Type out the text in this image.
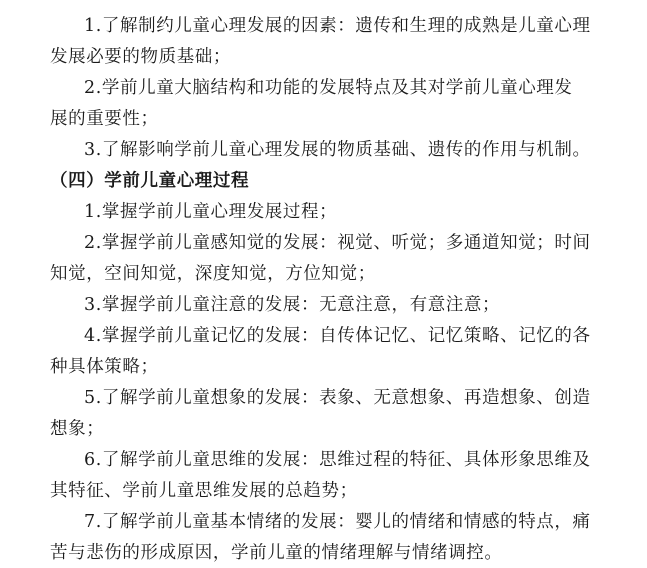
1.了解制约儿童心理发展的因素：遗传和生理的成熟是儿童心理
发展必要的物质基础；
2.学前儿童大脑结构和功能的发展特点及其对学前儿童心理发
展的重要性；
3.了解影响学前儿童心理发展的物质基础、遗传的作用与机制。
（四）学前儿童心理过程
1.掌握学前儿童心理发展过程；
2.掌握学前儿童感知觉的发展：视觉、听觉；多通道知觉；时间
知觉，空间知觉，深度知觉，方位知觉；
3.掌握学前儿童注意的发展：无意注意，有意注意；
4.掌握学前儿童记忆的发展：自传体记忆、记忆策略、记忆的各
种具体策略；
5.了解学前儿童想象的发展：表象、无意想象、再造想象、创造
想象；
6.了解学前儿童思维的发展：思维过程的特征、具体形象思维及
其特征、学前儿童思维发展的总趋势；
7.了解学前儿童基本情绪的发展：婴儿的情绪和情感的特点，痛
苦与悲伤的形成原因，学前儿童的情绪理解与情绪调控。
